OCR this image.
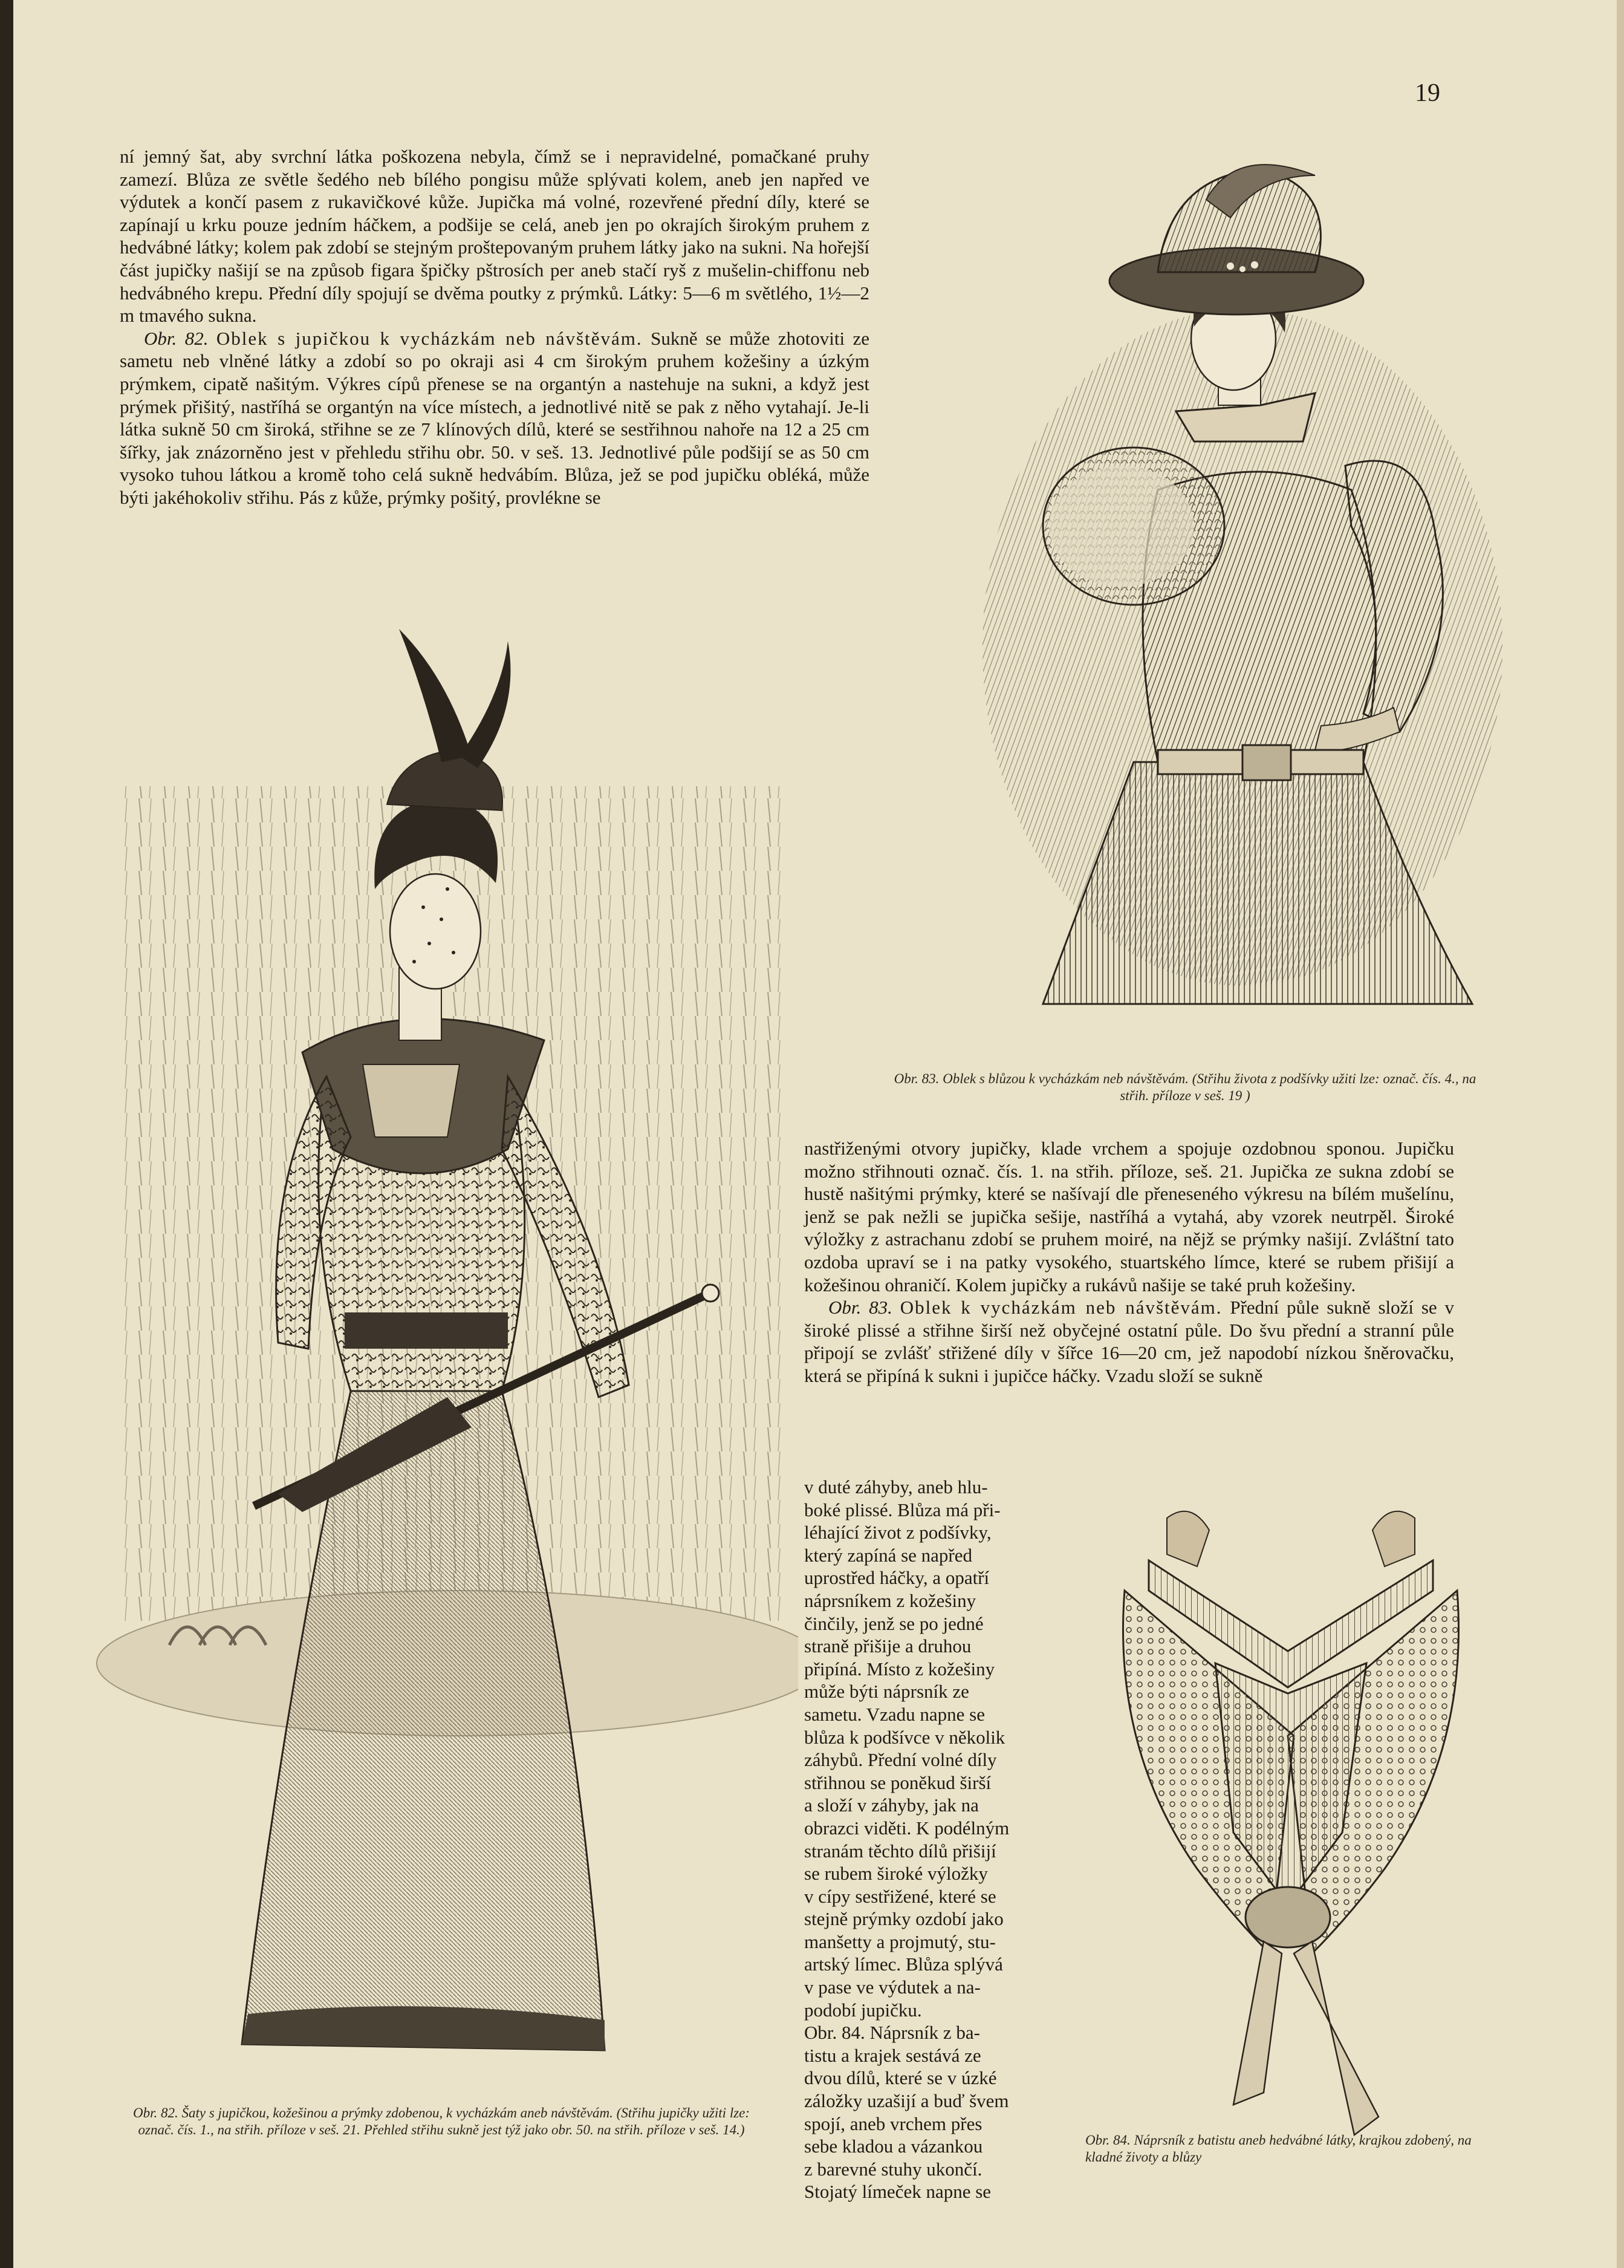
19

ní jemný šat, aby svrchní látka poškozena nebyla, čímž se i nepravidelné, pomačkané pruhy zamezí. Blůza ze světle šedého neb bílého pongisu může splývati kolem, aneb jen napřed ve výdutek a končí pasem z rukavičkové kůže. Jupička má volné, rozevřené přední díly, které se zapínají u krku pouze jedním háčkem, a podšije se celá, aneb jen po okrajích širokým pruhem z hedvábné látky; kolem pak zdobí se stejným proštepovaným pruhem látky jako na sukni. Na hořejší část jupičky našijí se na způsob figara špičky pštrosích per aneb stačí ryš z mušelin-chiffonu neb hedvábného krepu. Přední díly spojují se dvěma poutky z prýmků. Látky: 5—6 m světlého, 1½—2 m tmavého sukna.

Obr. 82. Oblek s jupičkou k vycházkám neb návštěvám. Sukně se může zhotoviti ze sametu neb vlněné látky a zdobí so po okraji asi 4 cm širokým pruhem kožešiny a úzkým prýmkem, cipatě našitým. Výkres cípů přenese se na organtýn a nastehuje na sukni, a když jest prýmek přišitý, nastříhá se organtýn na více místech, a jednotlivé nitě se pak z něho vytahají. Je-li látka sukně 50 cm široká, střihne se ze 7 klínových dílů, které se sestřihnou nahoře na 12 a 25 cm šířky, jak znázorněno jest v přehledu střihu obr. 50. v seš. 13. Jednotlivé půle podšijí se as 50 cm vysoko tuhou látkou a kromě toho celá sukně hedvábím. Blůza, jež se pod jupičku obléká, může býti jakéhokoliv střihu. Pás z kůže, prýmky pošitý, provlékne se

Obr. 83. Oblek s blůzou k vycházkám neb návštěvám. (Střihu života z podšívky užiti lze: označ. čís. 4., na střih. příloze v seš. 19 )
Obr. 82. Šaty s jupičkou, kožešinou a prýmky zdobenou, k vycházkám aneb návštěvám. (Střihu jupičky užiti lze: označ. čís. 1., na střih. příloze v seš. 21. Přehled střihu sukně jest týž jako obr. 50. na střih. příloze v seš. 14.)

nastřiženými otvory jupičky, klade vrchem a spojuje ozdobnou sponou. Jupičku možno střihnouti označ. čís. 1. na střih. příloze, seš. 21. Jupička ze sukna zdobí se hustě našitými prýmky, které se našívají dle přeneseného výkresu na bílém mušelínu, jenž se pak nežli se jupička sešije, nastříhá a vytahá, aby vzorek neutrpěl. Široké výložky z astrachanu zdobí se pruhem moiré, na nějž se prýmky našijí. Zvláštní tato ozdoba upraví se i na patky vysokého, stuartského límce, které se rubem přišijí a kožešinou ohraničí. Kolem jupičky a rukávů našije se také pruh kožešiny.

Obr. 83. Oblek k vycházkám neb návštěvám. Přední půle sukně složí se v široké plissé a střihne širší než obyčejné ostatní půle. Do švu přední a stranní půle připojí se zvlášť střižené díly v šířce 16—20 cm, jež napodobí nízkou šněrovačku, která se připíná k sukni i jupičce háčky. Vzadu složí se sukně

v duté záhyby, aneb hlu-
boké plissé. Blůza má při-
léhající život z podšívky,
který zapíná se napřed
uprostřed háčky, a opatří
náprsníkem z kožešiny
činčily, jenž se po jedné
straně přišije a druhou
připíná. Místo z kožešiny
může býti náprsník ze
sametu. Vzadu napne se
blůza k podšívce v několik
záhybů. Přední volné díly
střihnou se poněkud širší
a složí v záhyby, jak na
obrazci viděti. K podélným
stranám těchto dílů přišijí
se rubem široké výložky
v cípy sestřižené, které se
stejně prýmky ozdobí jako
manšetty a projmutý, stu-
artský límec. Blůza splývá
v pase ve výdutek a na-
podobí jupičku.
Obr. 84. Náprsník z ba-
tistu a krajek sestává ze
dvou dílů, které se v úzké
záložky uzašijí a buď švem
spojí, aneb vrchem přes
sebe kladou a vázankou
z barevné stuhy ukončí.
Stojatý límeček napne se
Obr. 84. Náprsník z batistu aneb hedvábné látky, krajkou zdobený, na kladné životy a blůzy
